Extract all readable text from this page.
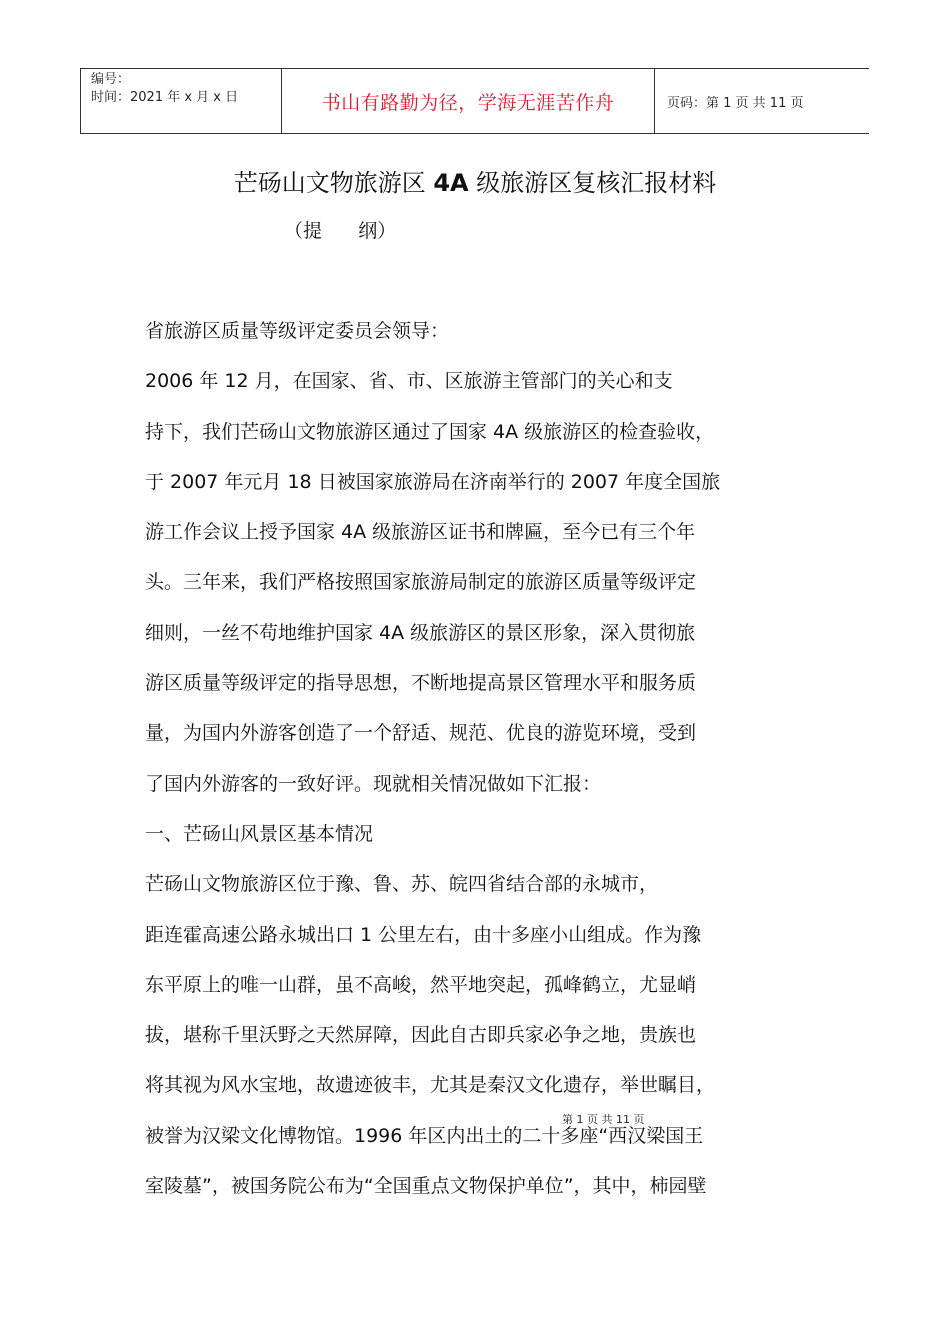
编号：
时间：2021 年 x 月 x 日	书山有路勤为径，学海无涯苦作舟	页码：第 1 页 共 11 页
芒砀山文物旅游区 4A 级旅游区复核汇报材料
（提      纲）
省旅游区质量等级评定委员会领导：
2006 年 12 月，在国家、省、市、区旅游主管部门的关心和支
持下，我们芒砀山文物旅游区通过了国家 4A 级旅游区的检查验收，
于 2007 年元月 18 日被国家旅游局在济南举行的 2007 年度全国旅
游工作会议上授予国家 4A 级旅游区证书和牌匾，至今已有三个年
头。三年来，我们严格按照国家旅游局制定的旅游区质量等级评定
细则，一丝不苟地维护国家 4A 级旅游区的景区形象，深入贯彻旅
游区质量等级评定的指导思想，不断地提高景区管理水平和服务质
量，为国内外游客创造了一个舒适、规范、优良的游览环境，受到
了国内外游客的一致好评。现就相关情况做如下汇报：
一、芒砀山风景区基本情况
芒砀山文物旅游区位于豫、鲁、苏、皖四省结合部的永城市，
距连霍高速公路永城出口 1 公里左右，由十多座小山组成。作为豫
东平原上的唯一山群，虽不高峻，然平地突起，孤峰鹤立，尤显峭
拔，堪称千里沃野之天然屏障，因此自古即兵家必争之地，贵族也
将其视为风水宝地，故遗迹彼丰，尤其是秦汉文化遗存，举世瞩目，
被誉为汉梁文化博物馆。1996 年区内出土的二十多座“西汉梁国王
室陵墓”，被国务院公布为“全国重点文物保护单位”，其中，柿园壁
第 1 页 共 11 页
